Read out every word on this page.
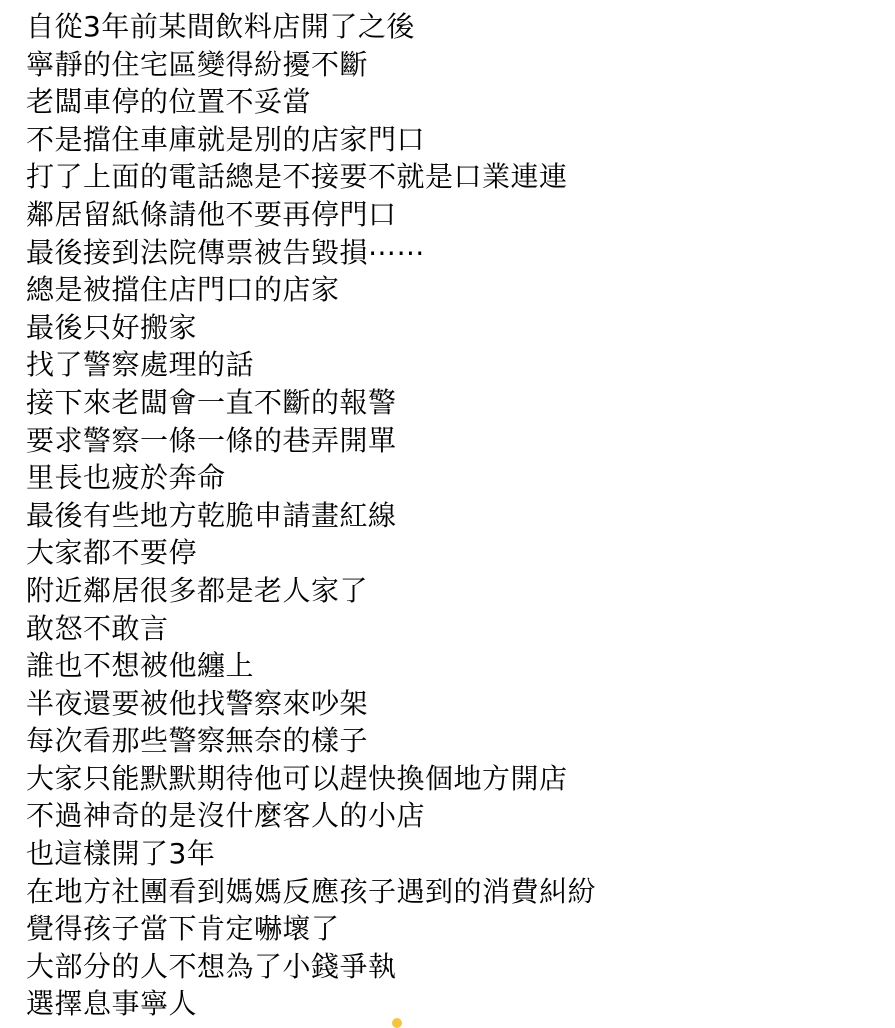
自從3年前某間飲料店開了之後
寧靜的住宅區變得紛擾不斷
老闆車停的位置不妥當
不是擋住車庫就是別的店家門口
打了上面的電話總是不接要不就是口業連連
鄰居留紙條請他不要再停門口
最後接到法院傳票被告毀損⋯⋯
總是被擋住店門口的店家
最後只好搬家
找了警察處理的話
接下來老闆會一直不斷的報警
要求警察一條一條的巷弄開單
里長也疲於奔命
最後有些地方乾脆申請畫紅線
大家都不要停
附近鄰居很多都是老人家了
敢怒不敢言
誰也不想被他纏上
半夜還要被他找警察來吵架
每次看那些警察無奈的樣子
大家只能默默期待他可以趕快換個地方開店
不過神奇的是沒什麼客人的小店
也這樣開了3年
在地方社團看到媽媽反應孩子遇到的消費糾紛
覺得孩子當下肯定嚇壞了
大部分的人不想為了小錢爭執
選擇息事寧人
